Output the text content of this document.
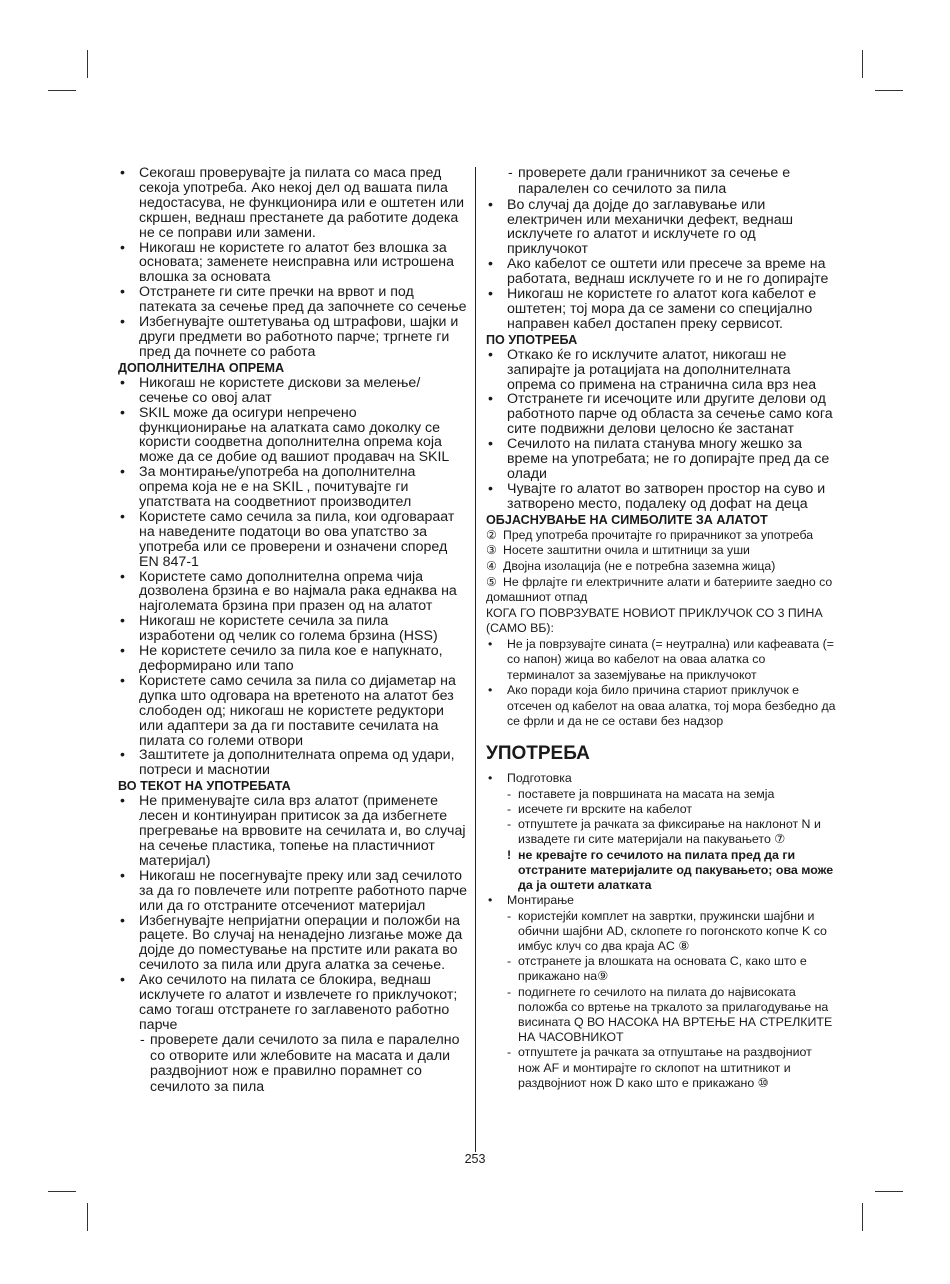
• Секогаш проверувајте ја пилата со маса пред секоја употреба. Ако некој дел од вашата пила недостасува, не функционира или е оштетен или скршен, веднаш престанете да работите додека не се поправи или замени.
• Никогаш не користете го алатот без влошка за основата; заменете неисправна или истрошена влошка за основата
• Отстранете ги сите пречки на врвот и под патеката за сечење пред да започнете со сечење
• Избегнувајте оштетувања од штрафови, шајки и други предмети во работното парче; тргнете ги пред да почнете со работа
ДОПОЛНИТЕЛНА ОПРЕМА
• Никогаш не користете дискови за мелење/сечење со овој алат
• SKIL може да осигури непречено функционирање на алатката само доколку се користи соодветна дополнителна опрема која може да се добие од вашиот продавач на SKIL
• За монтирање/употреба на дополнителна опрема која не е на SKIL , почитувајте ги упатствата на соодветниот производител
• Користете само сечила за пила, кои одговараат на наведените податоци во ова упатство за употреба или се проверени и означени според EN 847-1
• Користете само дополнителна опрема чија дозволена брзина е во најмала рака еднаква на најголемата брзина при празен од на алатот
• Никогаш не користете сечила за пила изработени од челик со голема брзина (HSS)
• Не користете сечило за пила кое е напукнато, деформирано или тапо
• Користете само сечила за пила со дијаметар на дупка што одговара на вретеното на алатот без слободен од; никогаш не користете редуктори или адаптери за да ги поставите сечилата на пилата со големи отвори
• Заштитете ја дополнителната опрема од удари, потреси и маснотии
ВО ТЕКОТ НА УПОТРЕБАТА
• Не применувајте сила врз алатот (применете лесен и континуиран притисок за да избегнете прегревање на врвовите на сечилата и, во случај на сечење пластика, топење на пластичниот материјал)
• Никогаш не посегнувајте преку или зад сечилото за да го повлечете или потрепте работното парче или да го отстраните отсечениот материјал
• Избегнувајте непријатни операции и положби на рацете. Во случај на ненадејно лизгање може да дојде до поместување на прстите или раката во сечилото за пила или друга алатка за сечење.
• Ако сечилото на пилата се блокира, веднаш исклучете го алатот и извлечете го приклучокот; само тогаш отстранете го заглавеното работно парче
- проверете дали сечилото за пила е паралелно со отворите или жлебовите на масата и дали раздвојниот нож е правилно порамнет со сечилото за пила
- проверете дали граничникот за сечење е паралелен со сечилото за пила
• Во случај да дојде до заглавување или електричен или механички дефект, веднаш исклучете го алатот и исклучете го од приклучокот
• Ако кабелот се оштети или пресече за време на работата, веднаш исклучете го и не го допирајте
• Никогаш не користете го алатот кога кабелот е оштетен; тој мора да се замени со специјално направен кабел достапен преку сервисот.
ПО УПОТРЕБА
• Откако ќе го исклучите алатот, никогаш не запирајте ја ротацијата на дополнителната опрема со примена на странична сила врз неа
• Отстранете ги исечоците или другите делови од работното парче од областа за сечење само кога сите подвижни делови целосно ќе застанат
• Сечилото на пилата станува многу жешко за време на употребата; не го допирајте пред да се олади
• Чувајте го алатот во затворен простор на суво и затворено место, подалеку од дофат на деца
ОБЈАСНУВАЊЕ НА СИМБОЛИТЕ ЗА АЛАТОТ
② Пред употреба прочитајте го прирачникот за употреба
③ Носете заштитни очила и штитници за уши
④ Двојна изолација (не е потребна заземна жица)
⑤ Не фрлајте ги електричните алати и батериите заедно со домашниот отпад
КОГА ГО ПОВРЗУВАТЕ НОВИОТ ПРИКЛУЧОК СО 3 ПИНА (САМО ВБ):
• Не ја поврзувајте сината (= неутрална) или кафеавата (= со напон) жица во кабелот на оваа алатка со терминалот за заземјување на приклучокот
• Ако поради која било причина стариот приклучок е отсечен од кабелот на оваа алатка, тој мора безбедно да се фрли и да не се остави без надзор
УПОТРЕБА
• Подготовка
- поставете ја површината на масата на земја
- исечете ги врските на кабелот
- отпуштете ја рачката за фиксирање на наклонот N и извадете ги сите материјали на пакувањето ⑦
! не кревајте го сечилото на пилата пред да ги отстраните материјалите од пакувањето; ова може да ја оштети алатката
• Монтирање
- користејќи комплет на завртки, пружински шајбни и обични шајбни AD, склопете го погонското копче K со имбус клуч со два краја AC ⑧
- отстранете ја влошката на основата C, како што е прикажано на⑨
- подигнете го сечилото на пилата до највисоката положба со вртење на тркалото за прилагодување на висината Q ВО НАСОКА НА ВРТЕЊЕ НА СТРЕЛКИТЕ НА ЧАСОВНИКОТ
- отпуштете ја рачката за отпуштање на раздвојниот нож AF и монтирајте го склопот на штитникот и раздвојниот нож D како што е прикажано ⑩
253
